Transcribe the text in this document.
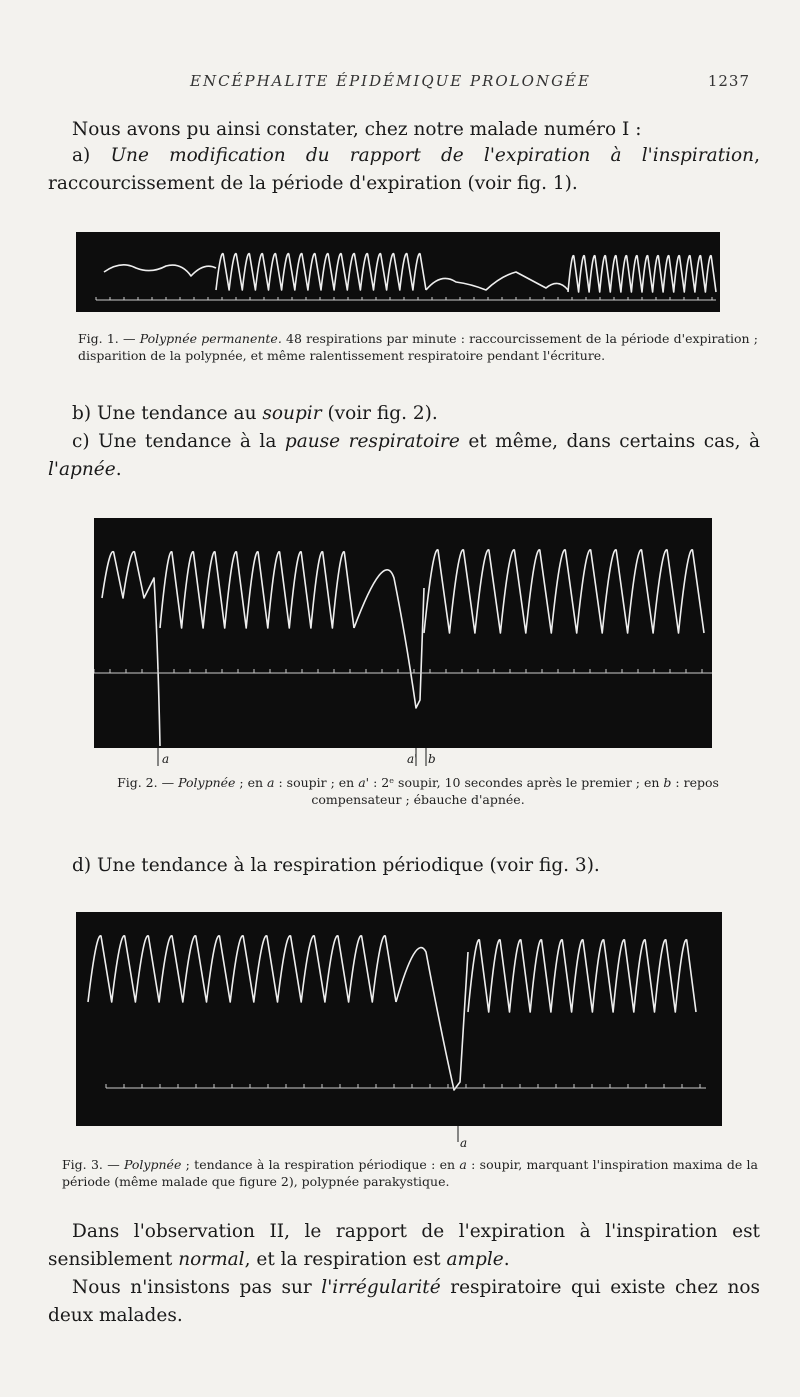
ENCÉPHALITE ÉPIDÉMIQUE PROLONGÉE	1237
Nous avons pu ainsi constater, chez notre malade numéro I :
a) Une modification du rapport de l'expiration à l'inspiration, raccourcissement de la période d'expiration (voir fig. 1).
Fig. 1. — Polypnée permanente. 48 respirations par minute : raccourcissement de la période d'expiration ; disparition de la polypnée, et même ralentissement respiratoire pendant l'écriture.
b) Une tendance au soupir (voir fig. 2).
c) Une tendance à la pause respiratoire et même, dans certains cas, à l'apnée.
a	a' b
Fig. 2. — Polypnée ; en a : soupir ; en a' : 2ᵉ soupir, 10 secondes après le premier ; en b : repos compensateur ; ébauche d'apnée.
d) Une tendance à la respiration périodique (voir fig. 3).
a
Fig. 3. — Polypnée ; tendance à la respiration périodique : en a : soupir, marquant l'inspiration maxima de la période (même malade que figure 2), polypnée parakystique.
Dans l'observation II, le rapport de l'expiration à l'inspiration est sensiblement normal, et la respiration est ample.
Nous n'insistons pas sur l'irrégularité respiratoire qui existe chez nos deux malades.
